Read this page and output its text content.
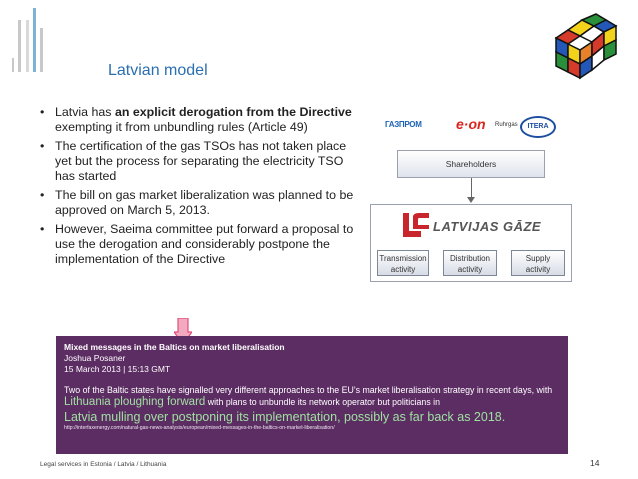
Latvian model
• Latvia has an explicit derogation from the Directive exempting it from unbundling rules (Article 49)
• The certification of the gas TSOs has not taken place yet but the process for separating the electricity TSO has started
• The bill on gas market liberalization was planned to be approved on March 5, 2013.
• However, Saeima committee put forward a proposal to use the derogation and considerably postpone the implementation of the Directive
ГАЗПРОМ e·on Ruhrgas	ITERA
Shareholders
LATVIJAS GĀZE
Transmission
activity
Distribution
activity
Supply
activity
Mixed messages in the Baltics on market liberalisation
Joshua Posaner
15 March 2013 | 15:13 GMT
Two of the Baltic states have signalled very different approaches to the EU’s market liberalisation strategy in recent days, with Lithuania ploughing forward with plans to unbundle its network operator but politicians in
Latvia mulling over postponing its implementation, possibly as far back as 2018.
http://interfaxenergy.com/natural-gas-news-analysis/european/mixed-messages-in-the-baltics-on-market-liberalisation/
Legal services in Estonia / Latvia / Lithuania	14
